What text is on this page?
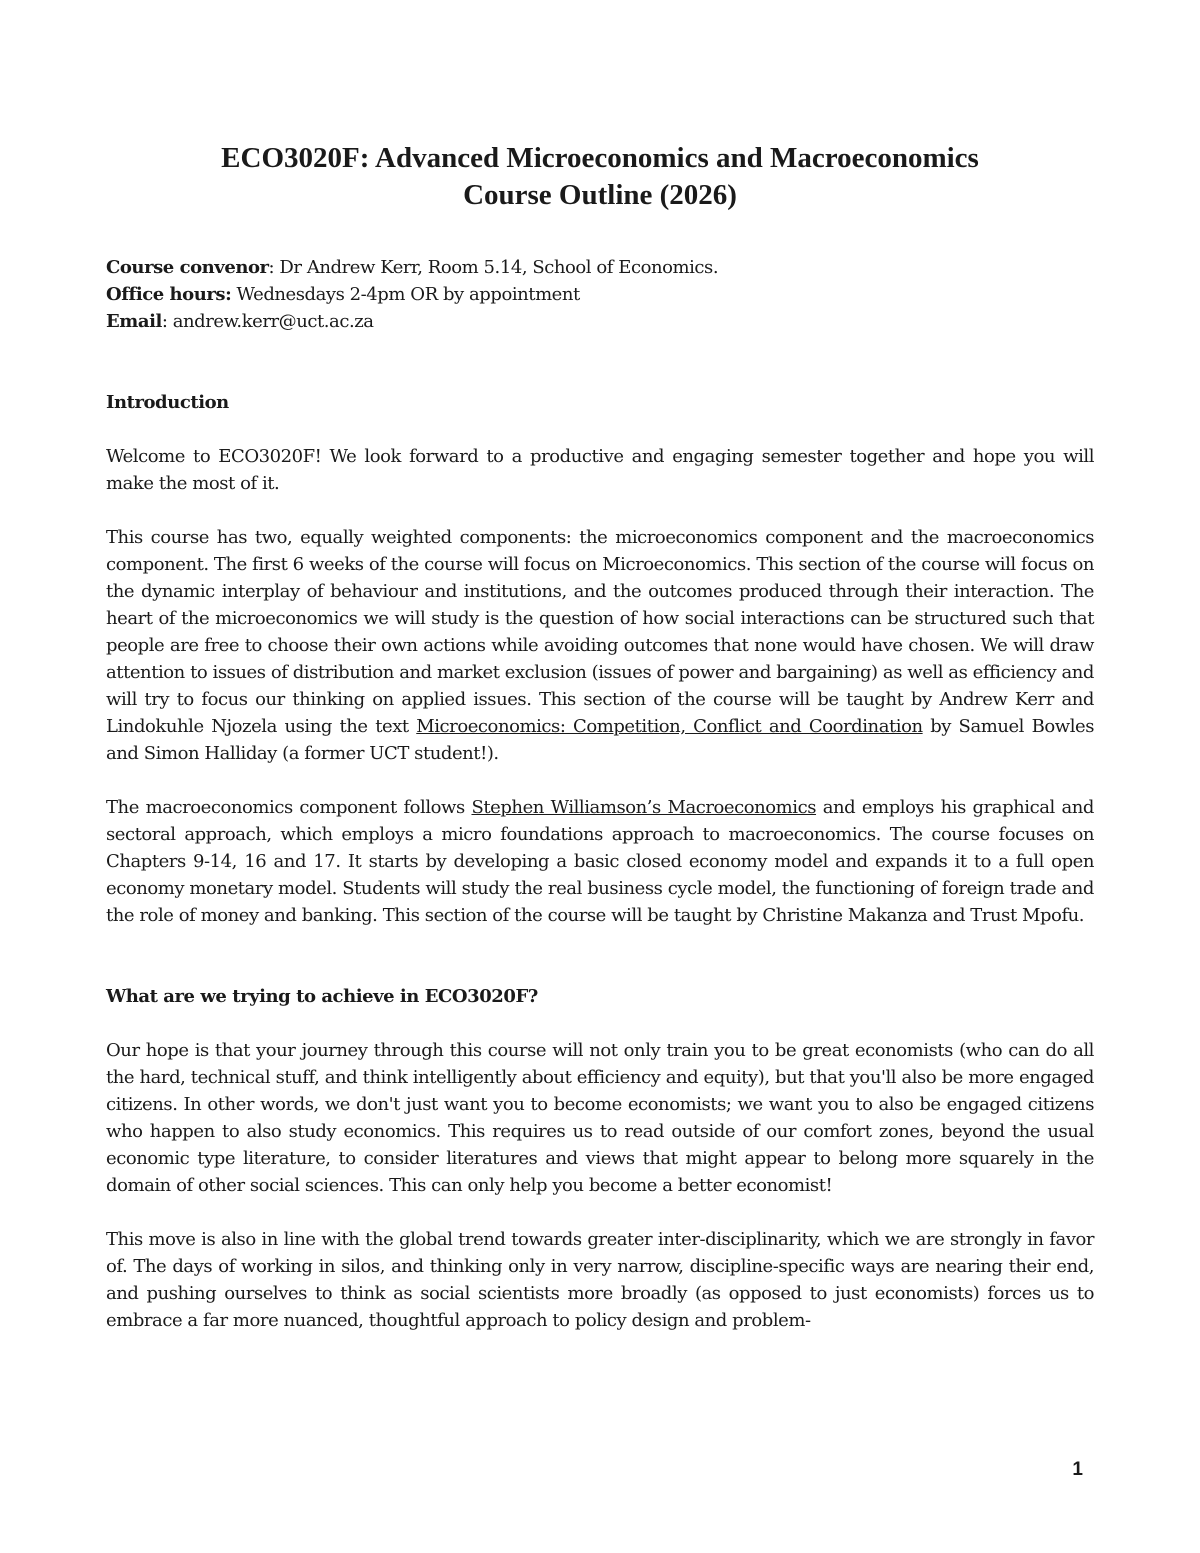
ECO3020F: Advanced Microeconomics and Macroeconomics
Course Outline (2026)
Course convenor: Dr Andrew Kerr, Room 5.14, School of Economics.
Office hours: Wednesdays 2-4pm OR by appointment
Email: andrew.kerr@uct.ac.za
Introduction

Welcome to ECO3020F! We look forward to a productive and engaging semester together and hope you will make the most of it.

This course has two, equally weighted components: the microeconomics component and the macroeconomics component. The first 6 weeks of the course will focus on Microeconomics. This section of the course will focus on the dynamic interplay of behaviour and institutions, and the outcomes produced through their interaction. The heart of the microeconomics we will study is the question of how social interactions can be structured such that people are free to choose their own actions while avoiding outcomes that none would have chosen. We will draw attention to issues of distribution and market exclusion (issues of power and bargaining) as well as efficiency and will try to focus our thinking on applied issues. This section of the course will be taught by Andrew Kerr and Lindokuhle Njozela using the text Microeconomics: Competition, Conflict and Coordination by Samuel Bowles and Simon Halliday (a former UCT student!).

The macroeconomics component follows Stephen Williamson’s Macroeconomics and employs his graphical and sectoral approach, which employs a micro foundations approach to macroeconomics. The course focuses on Chapters 9-14, 16 and 17. It starts by developing a basic closed economy model and expands it to a full open economy monetary model. Students will study the real business cycle model, the functioning of foreign trade and the role of money and banking. This section of the course will be taught by Christine Makanza and Trust Mpofu.

What are we trying to achieve in ECO3020F?

Our hope is that your journey through this course will not only train you to be great economists (who can do all the hard, technical stuff, and think intelligently about efficiency and equity), but that you'll also be more engaged citizens. In other words, we don't just want you to become economists; we want you to also be engaged citizens who happen to also study economics. This requires us to read outside of our comfort zones, beyond the usual economic type literature, to consider literatures and views that might appear to belong more squarely in the domain of other social sciences. This can only help you become a better economist!

This move is also in line with the global trend towards greater inter-disciplinarity, which we are strongly in favor of. The days of working in silos, and thinking only in very narrow, discipline-specific ways are nearing their end, and pushing ourselves to think as social scientists more broadly (as opposed to just economists) forces us to embrace a far more nuanced, thoughtful approach to policy design and problem-

1
